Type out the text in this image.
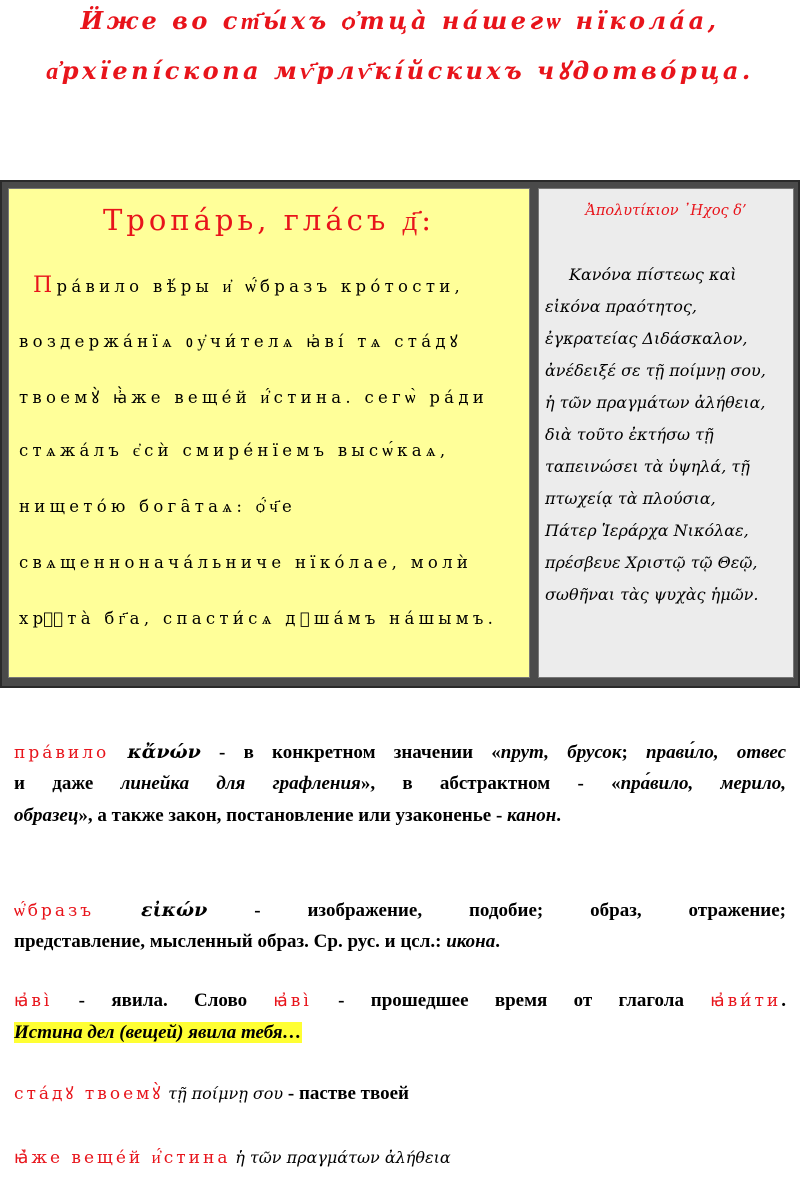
Ӥже во ст҃ы́хъ ѻ҆тца̀ на́шегѡ нїкола́а,
а҆рхїепі́скопа мѵ҃рлѵ҃кі́йскихъ чꙋдотво́рца.
Тропа́рь, гла́съ д҃:
Пра́вило вѣ́ры и҆ ѡ҆́бразъ кро́тости,
воздержа́нїѧ ᲂу҆чи́телѧ ꙗ҆ві́ тѧ ста́дꙋ
твоемꙋ̀ ꙗ҆̀же веще́й и҆́стина. сегѡ̀ ра́ди
стѧжа́лъ є҆сѝ смире́нїемъ высѡ́каѧ,
нището́ю бога̑таѧ: ѻ҆́ч҃е
свѧщеннонача́льниче нїко́лае, молѝ
хрⷭ҇та̀ бг҃а, спасти́сѧ дꙋша́мъ на́шымъ.
Ἀπολυτίκιον ᾿Ηχος δ’
Κανόνα πίστεως καὶ
εἰκόνα πραότητος,
ἐγκρατείας Διδάσκαλον,
ἀνέδειξέ σε τῇ ποίμνῃ σου,
ἡ τῶν πραγμάτων ἀλήθεια,
διὰ τοῦτο ἐκτήσω τῇ
ταπεινώσει τὰ ὑψηλά, τῇ
πτωχείᾳ τὰ πλούσια,
Πάτερ Ἱεράρχα Νικόλαε,
πρέσβευε Χριστῷ τῷ Θεῷ,
σωθῆναι τὰς ψυχὰς ἡμῶν.
пра́вило κἄνών - в конкретном значении «прут, брусок; прави́ло, отвес
и даже линейка для графления», в абстрактном - «пра́вило, мерило,
образец», а также закон, постановление или узаконенье - канон.
ѡ҆́бразъ εἰκών - изображение, подобие; образ, отражение;
представление, мысленный образ. Ср. рус. и цсл.: икона.
ꙗ҆ві̀ - явила. Слово ꙗ҆ві̀ - прошедшее время от глагола ꙗ҆ви́ти.
Истина дел (вещей) явила тебя…
ста́дꙋ твоемꙋ̀ τῇ ποίμνῃ σου - пастве твоей
ꙗ҆̀же веще́й и҆́стина ἡ τῶν πραγμάτων ἀλήθεια
